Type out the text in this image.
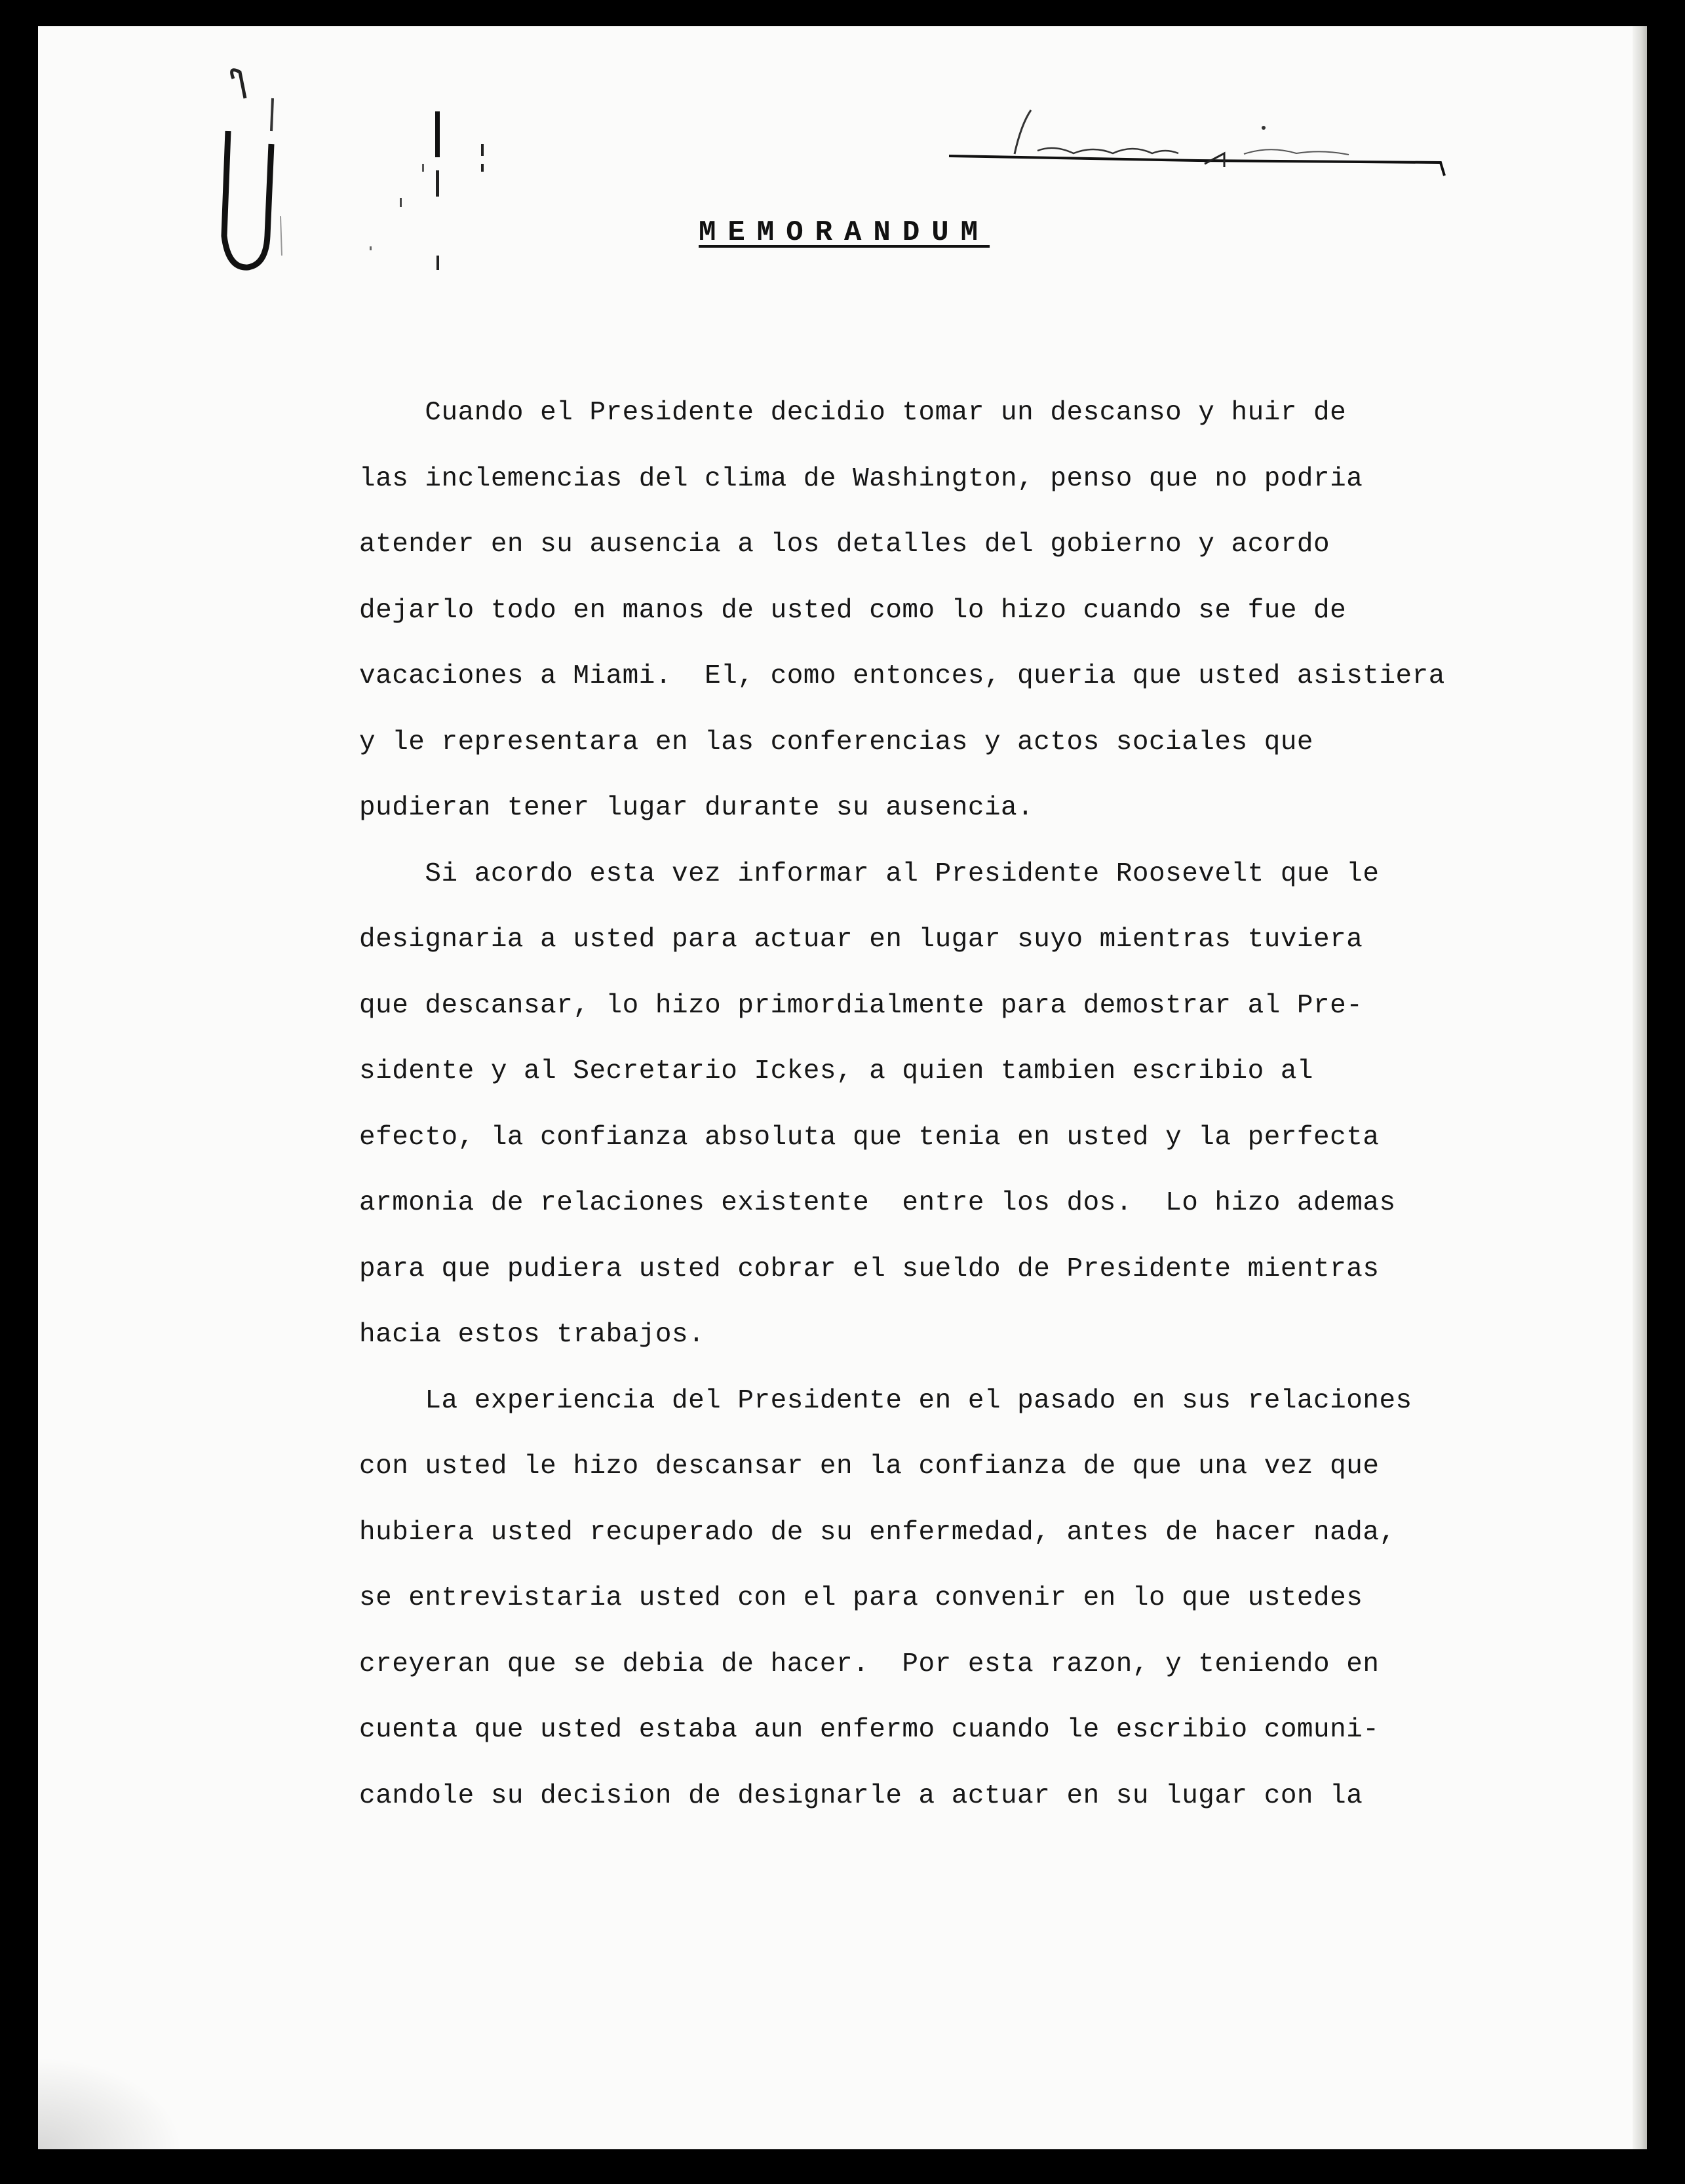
MEMORANDUM
Cuando el Presidente decidio tomar un descanso y huir de
las inclemencias del clima de Washington, penso que no podria
atender en su ausencia a los detalles del gobierno y acordo
dejarlo todo en manos de usted como lo hizo cuando se fue de
vacaciones a Miami.  El, como entonces, queria que usted asistiera
y le representara en las conferencias y actos sociales que
pudieran tener lugar durante su ausencia.
Si acordo esta vez informar al Presidente Roosevelt que le
designaria a usted para actuar en lugar suyo mientras tuviera
que descansar, lo hizo primordialmente para demostrar al Pre-
sidente y al Secretario Ickes, a quien tambien escribio al
efecto, la confianza absoluta que tenia en usted y la perfecta
armonia de relaciones existente  entre los dos.  Lo hizo ademas
para que pudiera usted cobrar el sueldo de Presidente mientras
hacia estos trabajos.
La experiencia del Presidente en el pasado en sus relaciones
con usted le hizo descansar en la confianza de que una vez que
hubiera usted recuperado de su enfermedad, antes de hacer nada,
se entrevistaria usted con el para convenir en lo que ustedes
creyeran que se debia de hacer.  Por esta razon, y teniendo en
cuenta que usted estaba aun enfermo cuando le escribio comuni-
candole su decision de designarle a actuar en su lugar con la
